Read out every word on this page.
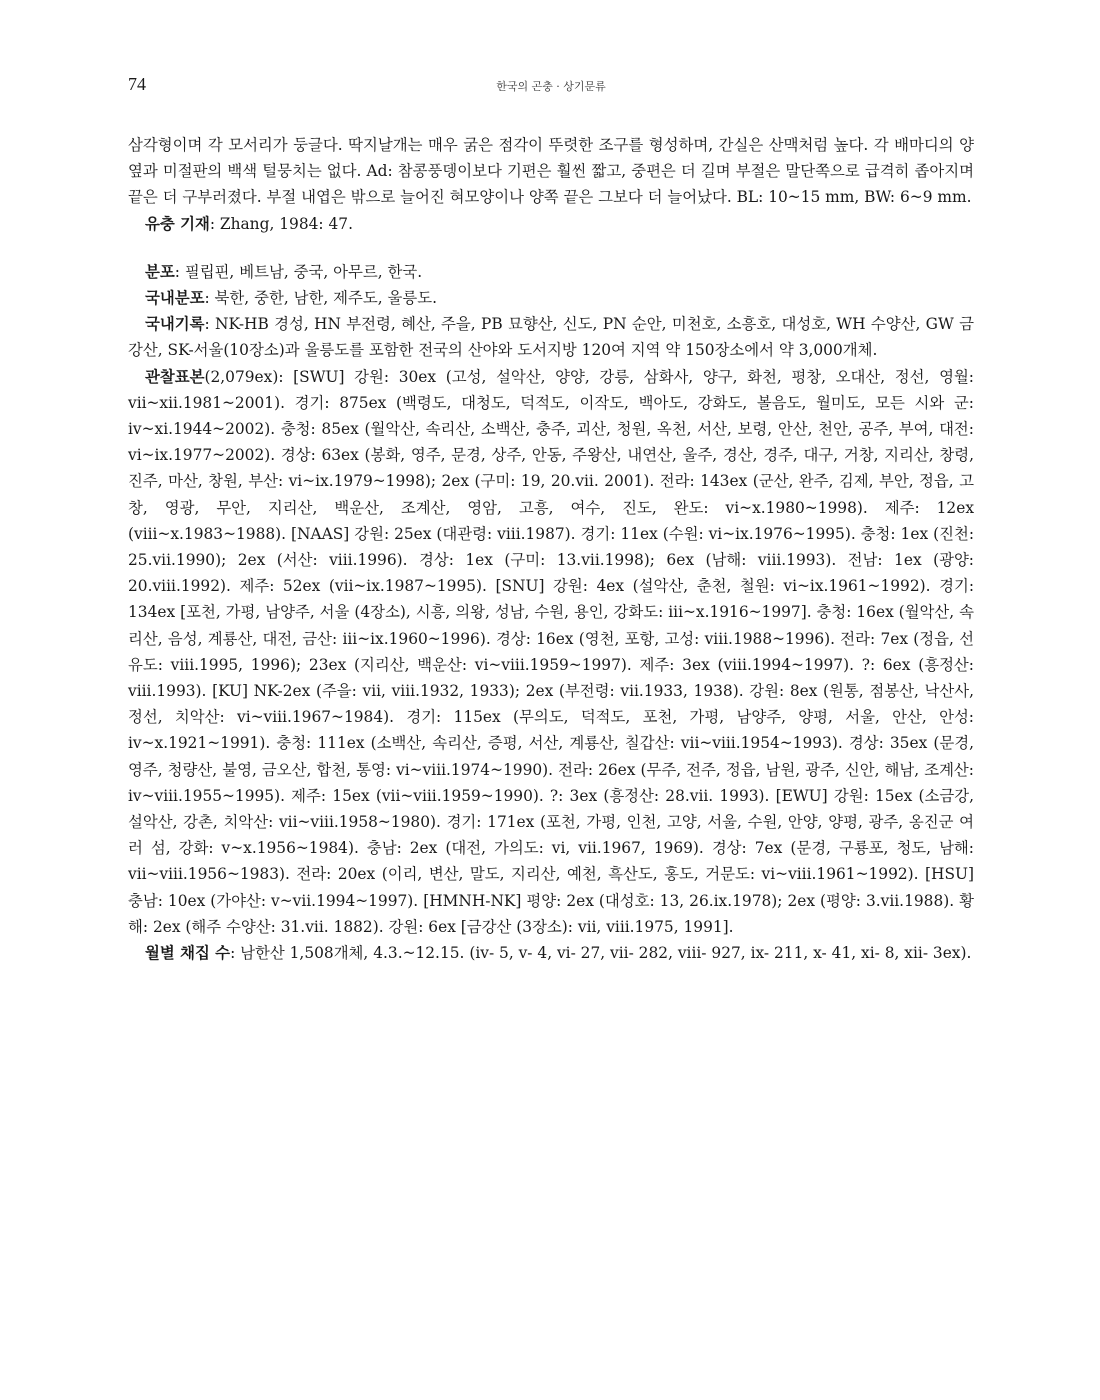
74	한국의 곤충 · 상기문류

삼각형이며 각 모서리가 둥글다. 딱지날개는 매우 굵은 점각이 뚜렷한 조구를 형성하며, 간실은 산맥처럼 높다. 각 배마디의 양옆과 미절판의 백색 털뭉치는 없다. Ad: 참콩풍뎅이보다 기편은 훨씬 짧고, 중편은 더 길며 부절은 말단쪽으로 급격히 좁아지며 끝은 더 구부러졌다. 부절 내엽은 밖으로 늘어진 혀모양이나 양쪽 끝은 그보다 더 늘어났다. BL: 10~15 mm, BW: 6~9 mm.

유충 기재: Zhang, 1984: 47.

분포: 필립핀, 베트남, 중국, 아무르, 한국.

국내분포: 북한, 중한, 남한, 제주도, 울릉도.

국내기록: NK-HB 경성, HN 부전령, 혜산, 주을, PB 묘향산, 신도, PN 순안, 미천호, 소흥호, 대성호, WH 수양산, GW 금강산, SK-서울(10장소)과 울릉도를 포함한 전국의 산야와 도서지방 120여 지역 약 150장소에서 약 3,000개체.

관찰표본(2,079ex): [SWU] 강원: 30ex (고성, 설악산, 양양, 강릉, 삼화사, 양구, 화천, 평창, 오대산, 정선, 영월: vii~xii.1981~2001). 경기: 875ex (백령도, 대청도, 덕적도, 이작도, 백아도, 강화도, 볼음도, 월미도, 모든 시와 군: iv~xi.1944~2002). 충청: 85ex (월악산, 속리산, 소백산, 충주, 괴산, 청원, 옥천, 서산, 보령, 안산, 천안, 공주, 부여, 대전: vi~ix.1977~2002). 경상: 63ex (봉화, 영주, 문경, 상주, 안동, 주왕산, 내연산, 울주, 경산, 경주, 대구, 거창, 지리산, 창령, 진주, 마산, 창원, 부산: vi~ix.1979~1998); 2ex (구미: 19, 20.vii. 2001). 전라: 143ex (군산, 완주, 김제, 부안, 정읍, 고창, 영광, 무안, 지리산, 백운산, 조계산, 영암, 고흥, 여수, 진도, 완도: vi~x.1980~1998). 제주: 12ex (viii~x.1983~1988). [NAAS] 강원: 25ex (대관령: viii.1987). 경기: 11ex (수원: vi~ix.1976~1995). 충청: 1ex (진천: 25.vii.1990); 2ex (서산: viii.1996). 경상: 1ex (구미: 13.vii.1998); 6ex (남해: viii.1993). 전남: 1ex (광양: 20.viii.1992). 제주: 52ex (vii~ix.1987~1995). [SNU] 강원: 4ex (설악산, 춘천, 철원: vi~ix.1961~1992). 경기: 134ex [포천, 가평, 남양주, 서울 (4장소), 시흥, 의왕, 성남, 수원, 용인, 강화도: iii~x.1916~1997]. 충청: 16ex (월악산, 속리산, 음성, 계룡산, 대전, 금산: iii~ix.1960~1996). 경상: 16ex (영천, 포항, 고성: viii.1988~1996). 전라: 7ex (정읍, 선유도: viii.1995, 1996); 23ex (지리산, 백운산: vi~viii.1959~1997). 제주: 3ex (viii.1994~1997). ?: 6ex (흥정산: viii.1993). [KU] NK-2ex (주을: vii, viii.1932, 1933); 2ex (부전령: vii.1933, 1938). 강원: 8ex (원통, 점봉산, 낙산사, 정선, 치악산: vi~viii.1967~1984). 경기: 115ex (무의도, 덕적도, 포천, 가평, 남양주, 양평, 서울, 안산, 안성: iv~x.1921~1991). 충청: 111ex (소백산, 속리산, 증평, 서산, 계룡산, 칠갑산: vii~viii.1954~1993). 경상: 35ex (문경, 영주, 청량산, 불영, 금오산, 합천, 통영: vi~viii.1974~1990). 전라: 26ex (무주, 전주, 정읍, 남원, 광주, 신안, 해남, 조계산: iv~viii.1955~1995). 제주: 15ex (vii~viii.1959~1990). ?: 3ex (흥정산: 28.vii. 1993). [EWU] 강원: 15ex (소금강, 설악산, 강촌, 치악산: vii~viii.1958~1980). 경기: 171ex (포천, 가평, 인천, 고양, 서울, 수원, 안양, 양평, 광주, 옹진군 여러 섬, 강화: v~x.1956~1984). 충남: 2ex (대전, 가의도: vi, vii.1967, 1969). 경상: 7ex (문경, 구룡포, 청도, 남해: vii~viii.1956~1983). 전라: 20ex (이리, 변산, 말도, 지리산, 예천, 흑산도, 홍도, 거문도: vi~viii.1961~1992). [HSU] 충남: 10ex (가야산: v~vii.1994~1997). [HMNH-NK] 평양: 2ex (대성호: 13, 26.ix.1978); 2ex (평양: 3.vii.1988). 황해: 2ex (해주 수양산: 31.vii. 1882). 강원: 6ex [금강산 (3장소): vii, viii.1975, 1991].

월별 채집 수: 남한산 1,508개체, 4.3.~12.15. (iv- 5, v- 4, vi- 27, vii- 282, viii- 927, ix- 211, x- 41, xi- 8, xii- 3ex).
